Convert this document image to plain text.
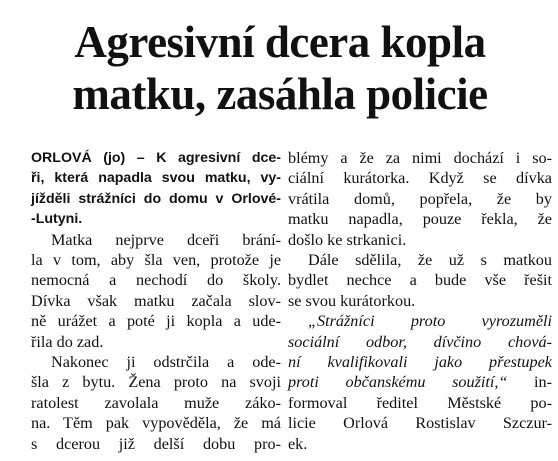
Agresivní dcera kopla
matku, zasáhla policie
ORLOVÁ (jo) – K agresivní dce-
ři, která napadla svou matku, vy-
jížděli strážníci do domu v Orlové-
-Lutyni.
Matka nejprve dceři brání-
la v tom, aby šla ven, protože je
nemocná a nechodí do školy.
Dívka však matku začala slov-
ně urážet a poté ji kopla a ude-
řila do zad.
Nakonec ji odstrčila a ode-
šla z bytu. Žena proto na svoji
ratolest zavolala muže záko-
na. Těm pak vypověděla, že má
s dcerou již delší dobu pro-
blémy a že za nimi dochází i so-
ciální kurátorka. Když se dívka
vrátila domů, popřela, že by
matku napadla, pouze řekla, že
došlo ke strkanici.
Dále sdělila, že už s matkou
bydlet nechce a bude vše řešit
se svou kurátorkou.
„Strážníci proto vyrozuměli
sociální odbor, dívčino chová-
ní kvalifikovali jako přestupek
proti občanskému soužití,“ in-
formoval ředitel Městské po-
licie Orlová Rostislav Szczur-
ek.
